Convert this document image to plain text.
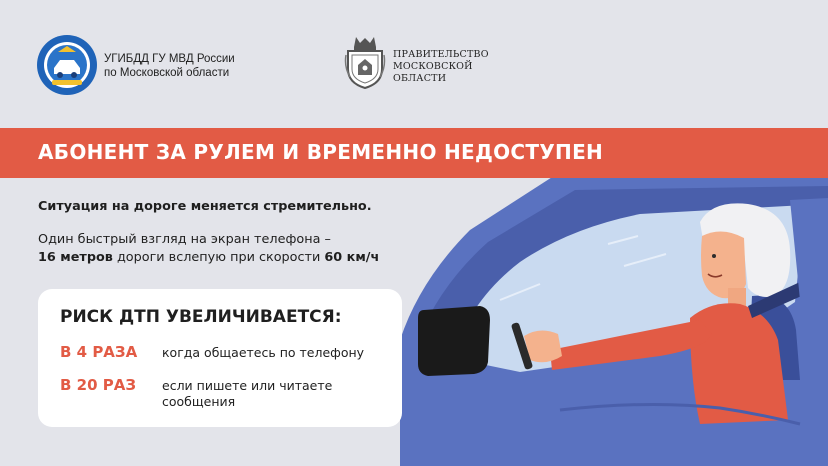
УГИБДД ГУ МВД России
по Московской области
ПРАВИТЕЛЬСТВО
МОСКОВСКОЙ
ОБЛАСТИ
АБОНЕНТ ЗА РУЛЕМ И ВРЕМЕННО НЕДОСТУПЕН
Ситуация на дороге меняется стремительно.
Один быстрый взгляд на экран телефона –
16 метров дороги вслепую при скорости 60 км/ч
РИСК ДТП УВЕЛИЧИВАЕТСЯ:
В 4 РАЗА когда общаетесь по телефону
В 20 РАЗ если пишете или читаете сообщения
